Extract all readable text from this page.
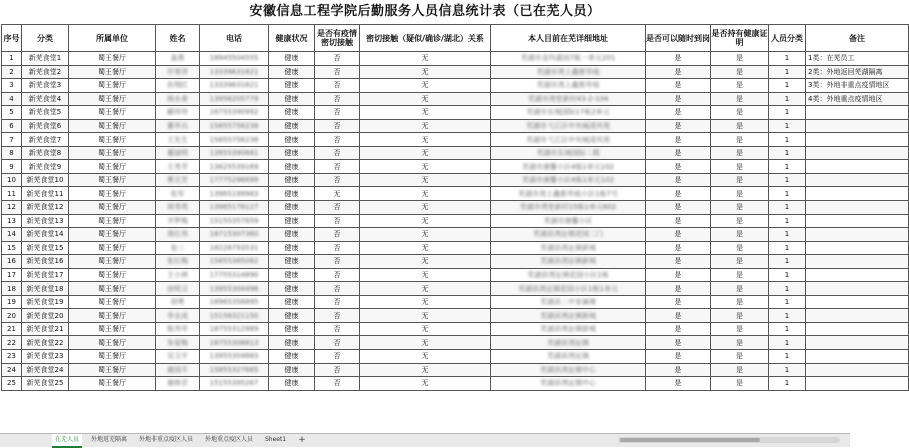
安徽信息工程学院后勤服务人员信息统计表（已在芜人员）
序号	分类	所属单位	姓名	电话	健康状况	是否有疫情密切接触	密切接触（疑似/确诊/湖北）关系	本人目前在芜详细地址	是否可以随时到岗	是否持有健康证明	人员分类	备注
1	新芜食堂1	蜀王餐厅	姜燕	18945504555	健康	否	无	芜湖市金玛嘉园7栋一单元201	是	是	1	1类：在芜员工
2	新芜食堂2	蜀王餐厅	许翠萍	13339631821	健康	否	无	芜湖市湾上鑫都华庭	是	是	1	2类：外地返回芜湖隔离
3	新芜食堂3	蜀王餐厅	孙翔红	13339631821	健康	否	无	芜湖市湾上鑫都华庭	是	是	1	3类：外地非重点疫情地区
4	新芜食堂4	蜀王餐厅	杨永春	13956205779	健康	否	无	芜湖市湾里新村43-2-104	是	是	1	4类：外地重点疫情地区
5	新芜食堂5	蜀王餐厅	郦珍珍	16755390992	健康	否	无	芜湖市东城国际17栋2单元	是	是	1	
6	新芜食堂6	蜀王餐厅	董华兵	15855756238	健康	否	无	芜湖市弋江区中央城清风苑	是	是	1	
7	新芜食堂7	蜀王餐厅	王先生	15855756238	健康	否	无	芜湖市弋江区中央城清风苑	是	是	1	
8	新芜食堂8	蜀王餐厅	董丽明	13855390681	健康	否	无	芜湖市东城国际二期	是	是	1	
9	新芜食堂9	蜀王餐厅	王秀芳	13625539169	健康	否	无	芜湖市康馨小区4栋1单元102	是	是	1	
10	新芜食堂10	蜀王餐厅	曹吉芳	17775296699	健康	否	无	芜湖市康馨小区4栋1单元102	是	是	1	
11	新芜食堂11	蜀王餐厅	张军	13965199983	健康	无	无	芜湖市湾上鑫都华庭小区1栋7号	是	是	1	
12	新芜食堂12	蜀王餐厅	周秀英	13965178127	健康	否	无	芜湖市湾里新村15栋1单元602	是	是	1	
13	新芜食堂13	蜀王餐厅	齐梦梅	15155357659	健康	否	无	芜湖市康馨小区	是	是	1	
14	新芜食堂14	蜀王餐厅	周红伟	18715307360	健康	否	无	芜湖县湾沚镇花园二门	是	是	1	
15	新芜食堂15	蜀王餐厅	张三	18226793531	健康	否	无	芜湖县湾沚镇新城	是	是	1	
16	新芜食堂16	蜀王餐厅	张红梅	15855385082	健康	否	无	芜湖县湾沚镇新城	是	是	1	
17	新芜食堂17	蜀王餐厅	王小林	17755314890	健康	否	无	芜湖县湾沚镇花园小区1栋	是	是	1	
18	新芜食堂18	蜀王餐厅	徐明卫	13955304496	健康	否	无	芜湖县湾沚镇花园小区1栋1单元	是	是	1	
19	新芜食堂19	蜀王餐厅	胡勇	18965356895	健康	否	无	芜湖县二中家属楼	是	是	1	
20	新芜食堂20	蜀王餐厅	李永成	15156321150	健康	否	无	芜湖县湾沚镇新城	是	是	1	
21	新芜食堂21	蜀王餐厅	陈秀华	18755312989	健康	否	无	芜湖县湾沚镇新城	是	是	1	
22	新芜食堂22	蜀王餐厅	朱爱梅	18755308813	健康	否	无	芜湖县湾沚镇	是	是	1	
23	新芜食堂23	蜀王餐厅	吴卫平	13955304683	健康	否	无	芜湖县湾沚镇	是	是	1	
24	新芜食堂24	蜀王餐厅	谢国平	15855327665	健康	否	无	芜湖县湾沚镇中心	是	是	1	
25	新芜食堂25	蜀王餐厅	谢修芸	15155395267	健康	否	无	芜湖县湾沚镇中心	是	是	1	
在芜人员	外地返芜隔离	外地非重点疫区人员	外地重点疫区人员	Sheet1	+
